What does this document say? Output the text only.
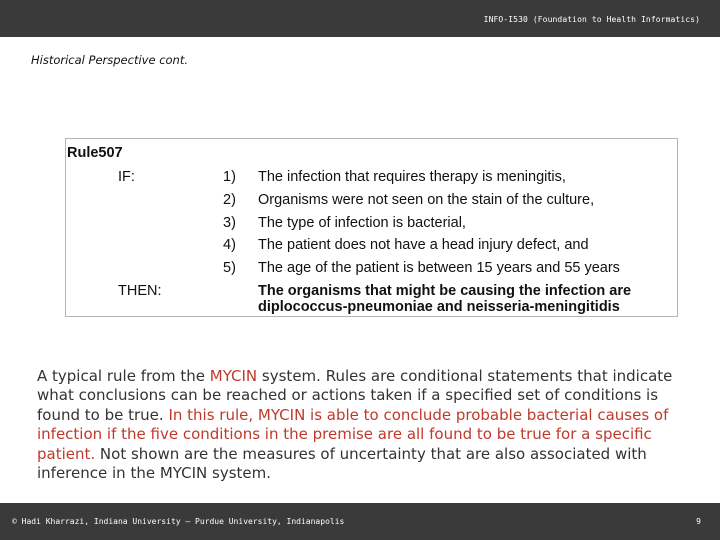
INFO-I530 (Foundation to Health Informatics)
Historical Perspective cont.
Rule507
IF:	1) The infection that requires therapy is meningitis,
2) Organisms were not seen on the stain of the culture,
3) The type of infection is bacterial,
4) The patient does not have a head injury defect, and
5) The age of the patient is between 15 years and 55 years
THEN:	The organisms that might be causing the infection are
diplococcus-pneumoniae and neisseria-meningitidis

A typical rule from the MYCIN system. Rules are conditional statements that indicate what conclusions can be reached or actions taken if a specified set of conditions is found to be true. In this rule, MYCIN is able to conclude probable bacterial causes of infection if the five conditions in the premise are all found to be true for a specific patient. Not shown are the measures of uncertainty that are also associated with inference in the MYCIN system.

© Hadi Kharrazi, Indiana University – Purdue University, Indianapolis	9
